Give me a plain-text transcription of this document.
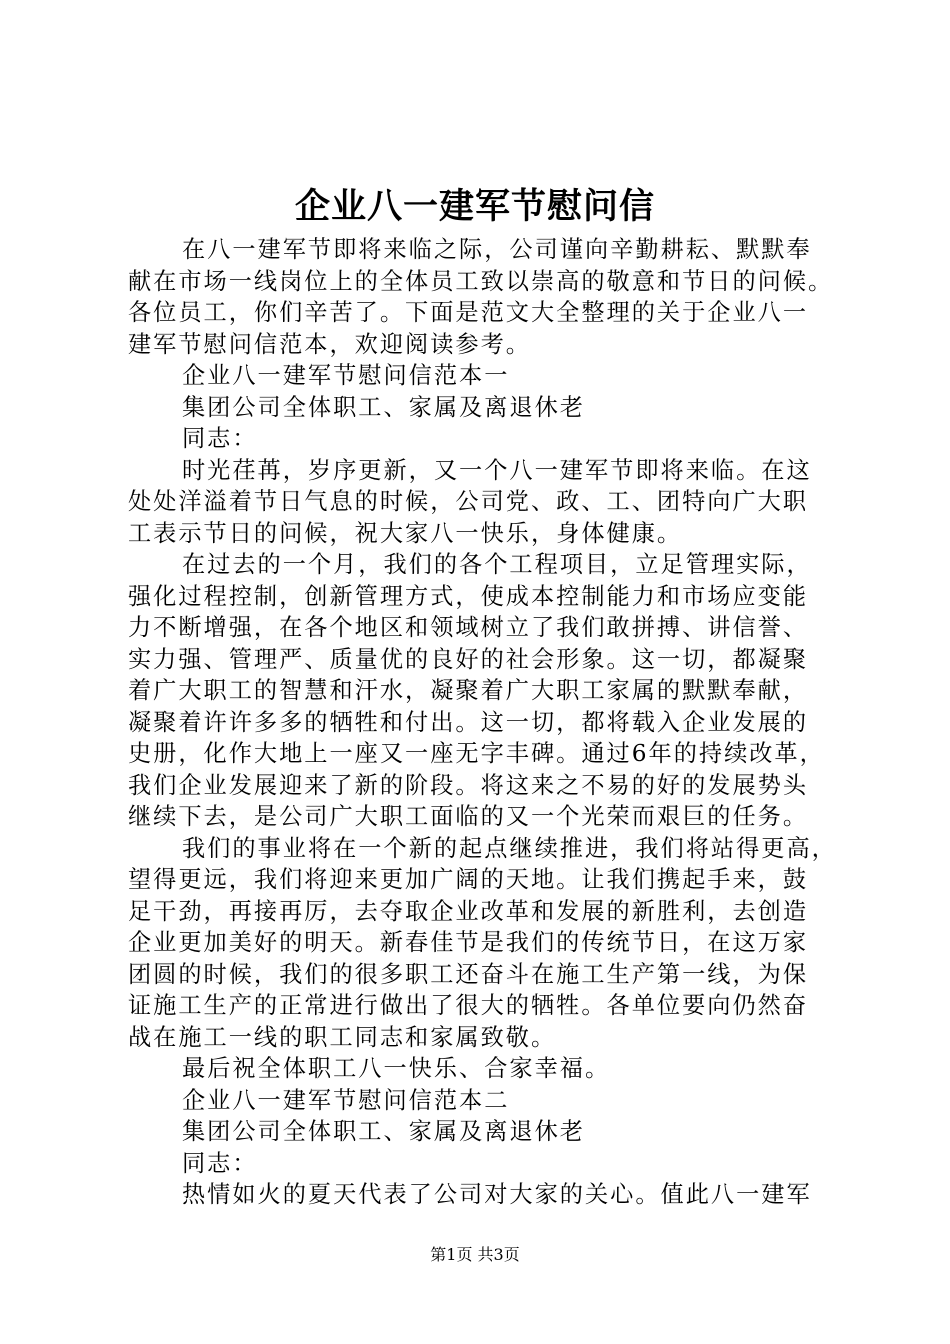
企业八一建军节慰问信
在八一建军节即将来临之际，公司谨向辛勤耕耘、默默奉
献在市场一线岗位上的全体员工致以崇高的敬意和节日的问候。
各位员工，你们辛苦了。下面是范文大全整理的关于企业八一
建军节慰问信范本，欢迎阅读参考。
企业八一建军节慰问信范本一
集团公司全体职工、家属及离退休老
同志：
时光荏苒，岁序更新，又一个八一建军节即将来临。在这
处处洋溢着节日气息的时候，公司党、政、工、团特向广大职
工表示节日的问候，祝大家八一快乐，身体健康。
在过去的一个月，我们的各个工程项目，立足管理实际，
强化过程控制，创新管理方式，使成本控制能力和市场应变能
力不断增强，在各个地区和领域树立了我们敢拼搏、讲信誉、
实力强、管理严、质量优的良好的社会形象。这一切，都凝聚
着广大职工的智慧和汗水，凝聚着广大职工家属的默默奉献，
凝聚着许许多多的牺牲和付出。这一切，都将载入企业发展的
史册，化作大地上一座又一座无字丰碑。通过6年的持续改革，
我们企业发展迎来了新的阶段。将这来之不易的好的发展势头
继续下去，是公司广大职工面临的又一个光荣而艰巨的任务。
我们的事业将在一个新的起点继续推进，我们将站得更高，
望得更远，我们将迎来更加广阔的天地。让我们携起手来，鼓
足干劲，再接再厉，去夺取企业改革和发展的新胜利，去创造
企业更加美好的明天。新春佳节是我们的传统节日，在这万家
团圆的时候，我们的很多职工还奋斗在施工生产第一线，为保
证施工生产的正常进行做出了很大的牺牲。各单位要向仍然奋
战在施工一线的职工同志和家属致敬。
最后祝全体职工八一快乐、合家幸福。
企业八一建军节慰问信范本二
集团公司全体职工、家属及离退休老
同志：
热情如火的夏天代表了公司对大家的关心。值此八一建军
第1页 共3页
